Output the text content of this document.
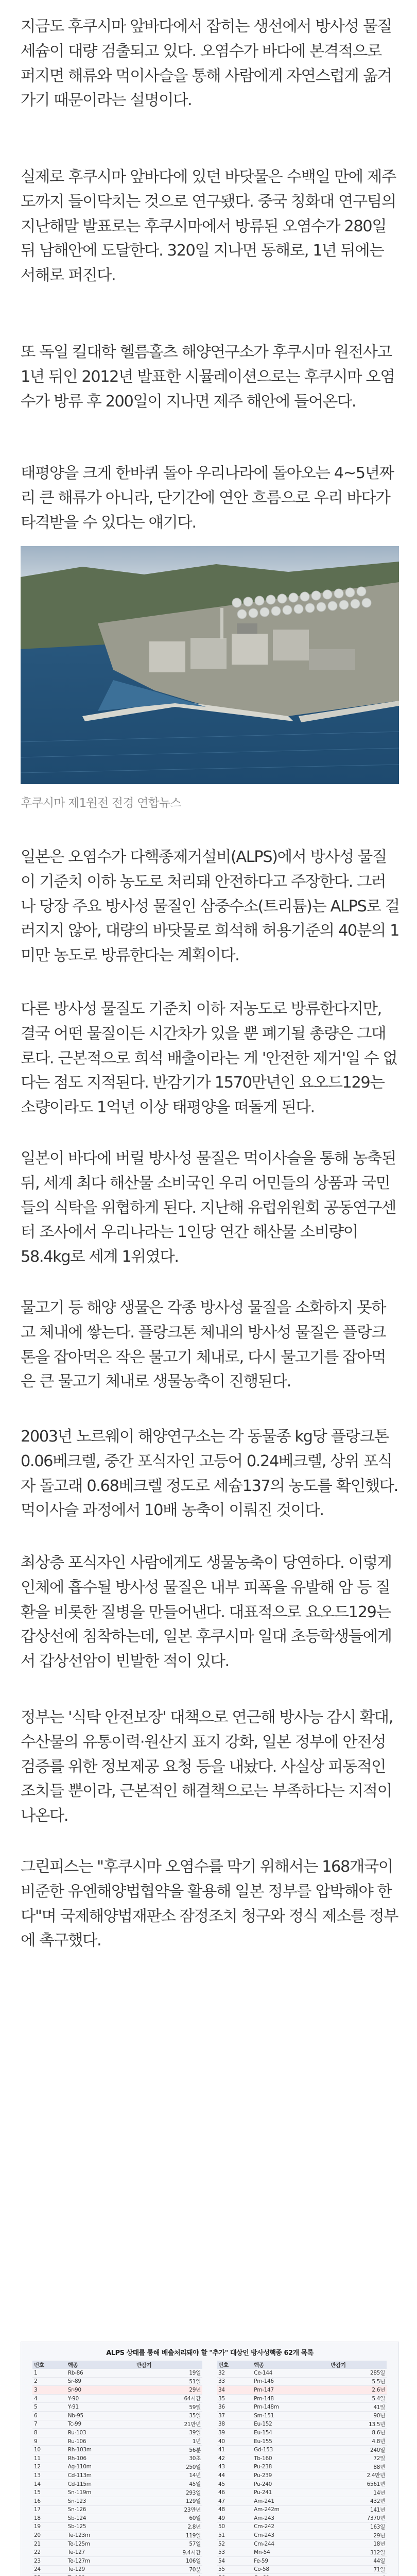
지금도 후쿠시마 앞바다에서 잡히는 생선에서 방사성 물질 세슘이 대량 검출되고 있다. 오염수가 바다에 본격적으로 퍼지면 해류와 먹이사슬을 통해 사람에게 자연스럽게 옮겨가기 때문이라는 설명이다.

실제로 후쿠시마 앞바다에 있던 바닷물은 수백일 만에 제주도까지 들이닥치는 것으로 연구됐다. 중국 칭화대 연구팀의 지난해말 발표로는 후쿠시마에서 방류된 오염수가 280일 뒤 남해안에 도달한다. 320일 지나면 동해로, 1년 뒤에는 서해로 퍼진다.

또 독일 킬대학 헬름홀츠 해양연구소가 후쿠시마 원전사고 1년 뒤인 2012년 발표한 시뮬레이션으로는 후쿠시마 오염수가 방류 후 200일이 지나면 제주 해안에 들어온다.

태평양을 크게 한바퀴 돌아 우리나라에 돌아오는 4~5년짜리 큰 해류가 아니라, 단기간에 연안 흐름으로 우리 바다가 타격받을 수 있다는 얘기다.

후쿠시마 제1원전 전경 연합뉴스

일본은 오염수가 다핵종제거설비(ALPS)에서 방사성 물질이 기준치 이하 농도로 처리돼 안전하다고 주장한다. 그러나 당장 주요 방사성 물질인 삼중수소(트리튬)는 ALPS로 걸러지지 않아, 대량의 바닷물로 희석해 허용기준의 40분의 1 미만 농도로 방류한다는 계획이다.

다른 방사성 물질도 기준치 이하 저농도로 방류한다지만, 결국 어떤 물질이든 시간차가 있을 뿐 폐기될 총량은 그대로다. 근본적으로 희석 배출이라는 게 '안전한 제거'일 수 없다는 점도 지적된다. 반감기가 1570만년인 요오드129는 소량이라도 1억년 이상 태평양을 떠돌게 된다.

일본이 바다에 버릴 방사성 물질은 먹이사슬을 통해 농축된 뒤, 세계 최다 해산물 소비국인 우리 어민들의 상품과 국민들의 식탁을 위협하게 된다. 지난해 유럽위원회 공동연구센터 조사에서 우리나라는 1인당 연간 해산물 소비량이 58.4kg로 세계 1위였다.

물고기 등 해양 생물은 각종 방사성 물질을 소화하지 못하고 체내에 쌓는다. 플랑크톤 체내의 방사성 물질은 플랑크톤을 잡아먹은 작은 물고기 체내로, 다시 물고기를 잡아먹은 큰 물고기 체내로 생물농축이 진행된다.

2003년 노르웨이 해양연구소는 각 동물종 kg당 플랑크톤 0.06베크렐, 중간 포식자인 고등어 0.24베크렐, 상위 포식자 돌고래 0.68베크렐 정도로 세슘137의 농도를 확인했다. 먹이사슬 과정에서 10배 농축이 이뤄진 것이다.

최상층 포식자인 사람에게도 생물농축이 당연하다. 이렇게 인체에 흡수될 방사성 물질은 내부 피폭을 유발해 암 등 질환을 비롯한 질병을 만들어낸다. 대표적으로 요오드129는 갑상선에 침착하는데, 일본 후쿠시마 일대 초등학생들에게서 갑상선암이 빈발한 적이 있다.

정부는 '식탁 안전보장' 대책으로 연근해 방사능 감시 확대, 수산물의 유통이력·원산지 표지 강화, 일본 정부에 안전성 검증를 위한 정보제공 요청 등을 내놨다. 사실상 피동적인 조치들 뿐이라, 근본적인 해결책으로는 부족하다는 지적이 나온다.

그린피스는 "후쿠시마 오염수를 막기 위해서는 168개국이 비준한 유엔해양법협약을 활용해 일본 정부를 압박해야 한다"며 국제해양법재판소 잠정조치 청구와 정식 제소를 정부에 촉구했다.

ALPS 상태를 통해 배출처리돼야 할 "추가" 대상인 방사성핵종 62개 목록
번호	핵종	반감기
1	Rb-86	19일
2	Sr-89	51일
3	Sr-90	29년
4	Y-90	64시간
5	Y-91	59일
6	Nb-95	35일
7	Tc-99	21만년
8	Ru-103	39일
9	Ru-106	1년
10	Rh-103m	56분
11	Rh-106	30초
12	Ag-110m	250일
13	Cd-113m	14년
14	Cd-115m	45일
15	Sn-119m	293일
16	Sn-123	129일
17	Sn-126	23만년
18	Sb-124	60일
19	Sb-125	2.8년
20	Te-123m	119일
21	Te-125m	57일
22	Te-127	9.4시간
23	Te-127m	106일
24	Te-129	70분

번호	핵종	반감기
32	Ce-144	285일
33	Pm-146	5.5년
34	Pm-147	2.6년
35	Pm-148	5.4일
36	Pm-148m	41일
37	Sm-151	90년
38	Eu-152	13.5년
39	Eu-154	8.6년
40	Eu-155	4.8년
41	Gd-153	240일
42	Tb-160	72일
43	Pu-238	88년
44	Pu-239	2.4만년
45	Pu-240	6561년
46	Pu-241	14년
47	Am-241	432년
48	Am-242m	141년
49	Am-243	7370년
50	Cm-242	163일
51	Cm-243	29년
52	Cm-244	18년
53	Mn-54	312일
54	Fe-59	44일
55	Co-58	71일
